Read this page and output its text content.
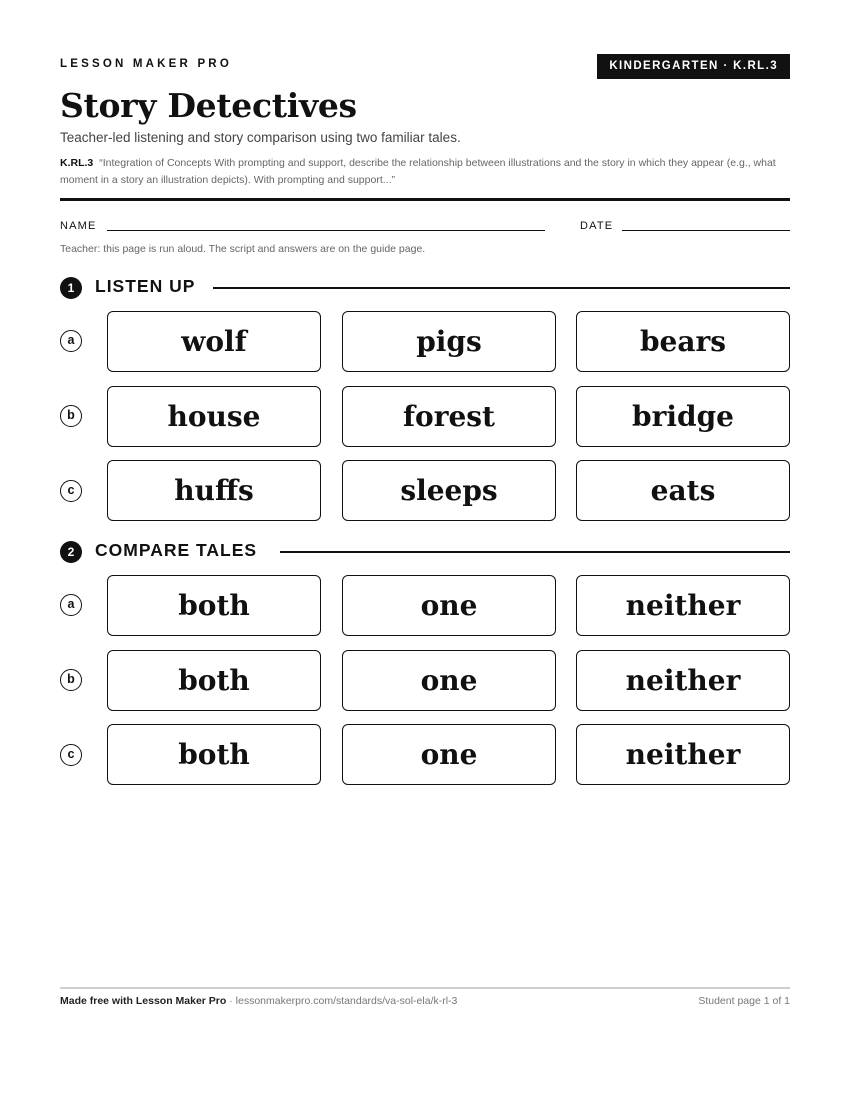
LESSON MAKER PRO	KINDERGARTEN · K.RL.3
Story Detectives
Teacher-led listening and story comparison using two familiar tales.
K.RL.3 “Integration of Concepts With prompting and support, describe the relationship between illustrations and the story in which they appear (e.g., what moment in a story an illustration depicts). With prompting and support...”
NAME	DATE
Teacher: this page is run aloud. The script and answers are on the guide page.
1	LISTEN UP
a	wolf	pigs	bears
b	house	forest	bridge
c	huffs	sleeps	eats
2	COMPARE TALES
a	both	one	neither
b	both	one	neither
c	both	one	neither
Made free with Lesson Maker Pro · lessonmakerpro.com/standards/va-sol-ela/k-rl-3	Student page 1 of 1
